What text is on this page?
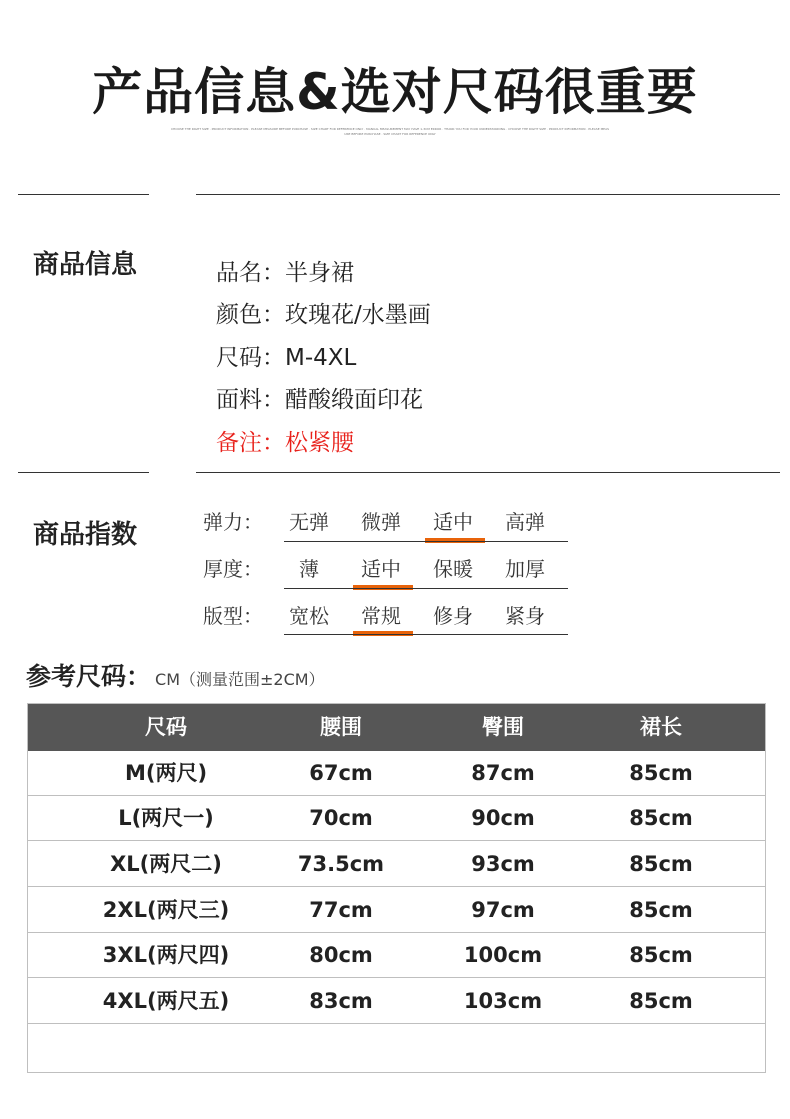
产品信息&选对尺码很重要
CHOOSE THE RIGHT SIZE · PRODUCT INFORMATION · PLEASE MEASURE BEFORE PURCHASE · SIZE CHART FOR REFERENCE ONLY · MANUAL MEASUREMENT MAY HAVE 1-3CM ERROR · THANK YOU FOR YOUR UNDERSTANDING · CHOOSE THE RIGHT SIZE · PRODUCT INFORMATION · PLEASE MEASURE BEFORE PURCHASE · SIZE CHART FOR REFERENCE ONLY
商品信息	品名：半身裙
颜色：玫瑰花/水墨画
尺码：M-4XL
面料：醋酸缎面印花
备注：松紧腰
商品指数	弹力：	无弹	微弹	适中	高弹
厚度：	薄	适中	保暖	加厚
版型：	宽松	常规	修身	紧身
参考尺码： CM（测量范围±2CM）
尺码	腰围	臀围	裙长
M(两尺)	67cm	87cm	85cm
L(两尺一)	70cm	90cm	85cm
XL(两尺二)	73.5cm	93cm	85cm
2XL(两尺三)	77cm	97cm	85cm
3XL(两尺四)	80cm	100cm	85cm
4XL(两尺五)	83cm	103cm	85cm
